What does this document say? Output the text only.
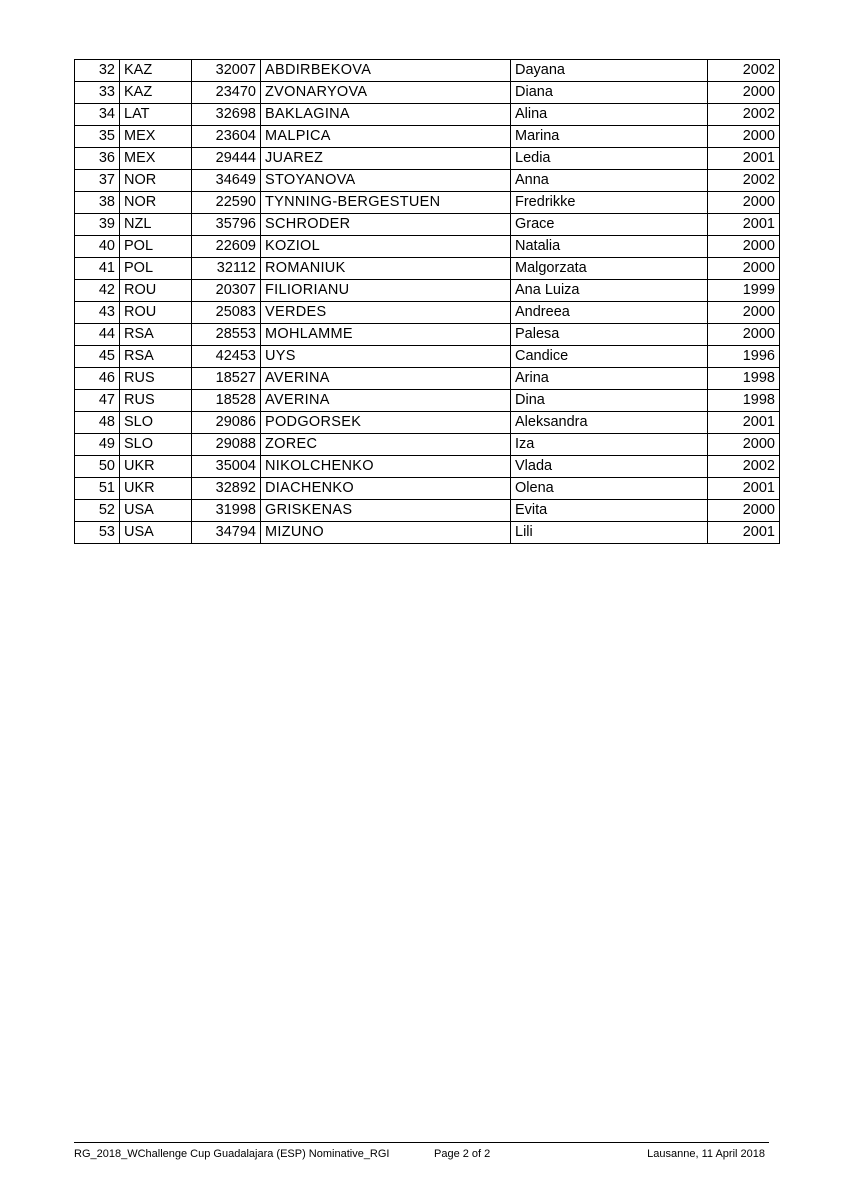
32	KAZ	32007	ABDIRBEKOVA	Dayana	2002
33	KAZ	23470	ZVONARYOVA	Diana	2000
34	LAT	32698	BAKLAGINA	Alina	2002
35	MEX	23604	MALPICA	Marina	2000
36	MEX	29444	JUAREZ	Ledia	2001
37	NOR	34649	STOYANOVA	Anna	2002
38	NOR	22590	TYNNING-BERGESTUEN	Fredrikke	2000
39	NZL	35796	SCHRODER	Grace	2001
40	POL	22609	KOZIOL	Natalia	2000
41	POL	32112	ROMANIUK	Malgorzata	2000
42	ROU	20307	FILIORIANU	Ana Luiza	1999
43	ROU	25083	VERDES	Andreea	2000
44	RSA	28553	MOHLAMME	Palesa	2000
45	RSA	42453	UYS	Candice	1996
46	RUS	18527	AVERINA	Arina	1998
47	RUS	18528	AVERINA	Dina	1998
48	SLO	29086	PODGORSEK	Aleksandra	2001
49	SLO	29088	ZOREC	Iza	2000
50	UKR	35004	NIKOLCHENKO	Vlada	2002
51	UKR	32892	DIACHENKO	Olena	2001
52	USA	31998	GRISKENAS	Evita	2000
53	USA	34794	MIZUNO	Lili	2001
RG_2018_WChallenge Cup Guadalajara (ESP) Nominative_RGI	Page 2 of 2	Lausanne, 11 April 2018
